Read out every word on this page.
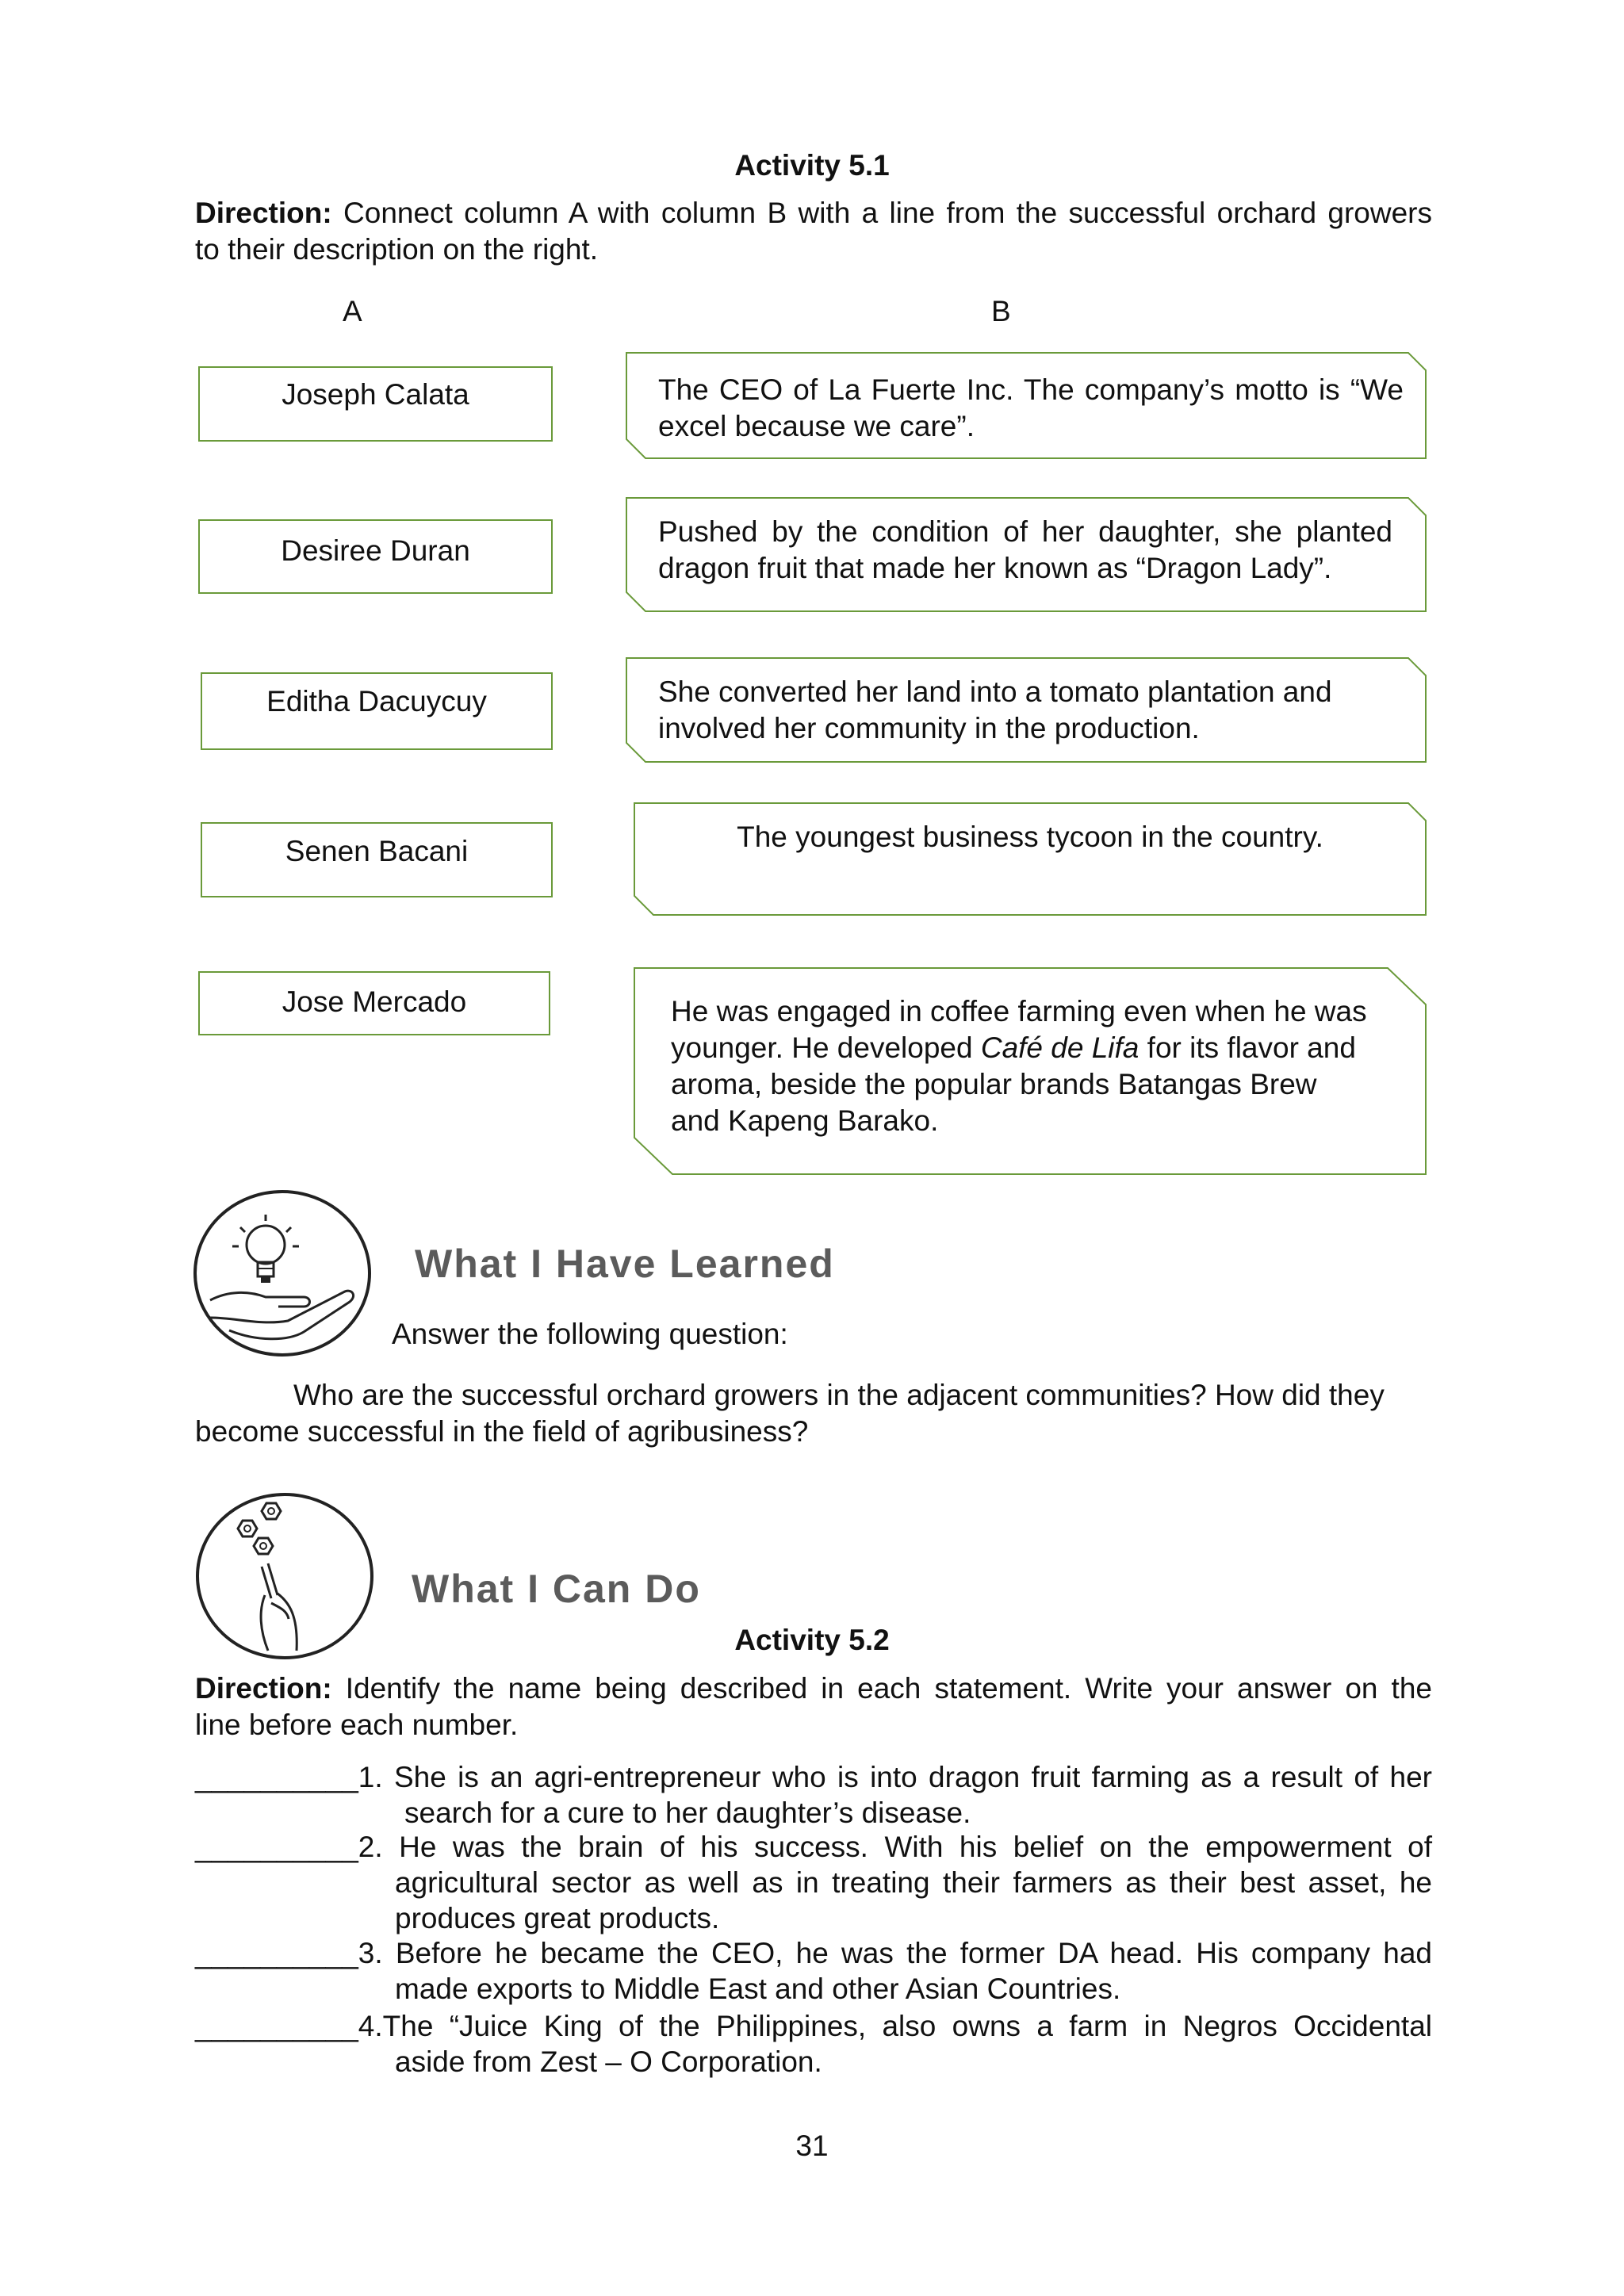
Activity 5.1
Direction: Connect column A with column B with a line from the successful orchard growers
to their description on the right.
A	B
Joseph Calata
Desiree Duran
Editha Dacuycuy
Senen Bacani
Jose Mercado
The CEO of La Fuerte Inc. The company’s motto is “We
excel because we care”.
Pushed by the condition of her daughter, she planted
dragon fruit that made her known as “Dragon Lady”.
She converted her land into a tomato plantation and
involved her community in the production.
The youngest business tycoon in the country.
He was engaged in coffee farming even when he was
younger. He developed Café de Lifa for its flavor and
aroma, beside the popular brands Batangas Brew
and Kapeng Barako.
What I Have Learned
Answer the following question:
Who are the successful orchard growers in the adjacent communities? How did they
become successful in the field of agribusiness?
What I Can Do
Activity 5.2
Direction: Identify the name being described in each statement. Write your answer on the
line before each number.
__________1. She is an agri-entrepreneur who is into dragon fruit farming as a result of her
search for a cure to her daughter’s disease.
__________2. He was the brain of his success. With his belief on the empowerment of
agricultural sector as well as in treating their farmers as their best asset, he
produces great products.
__________3. Before he became the CEO, he was the former DA head. His company had
made exports to Middle East and other Asian Countries.
__________4.The “Juice King of the Philippines, also owns a farm in Negros Occidental
aside from Zest – O Corporation.
31
